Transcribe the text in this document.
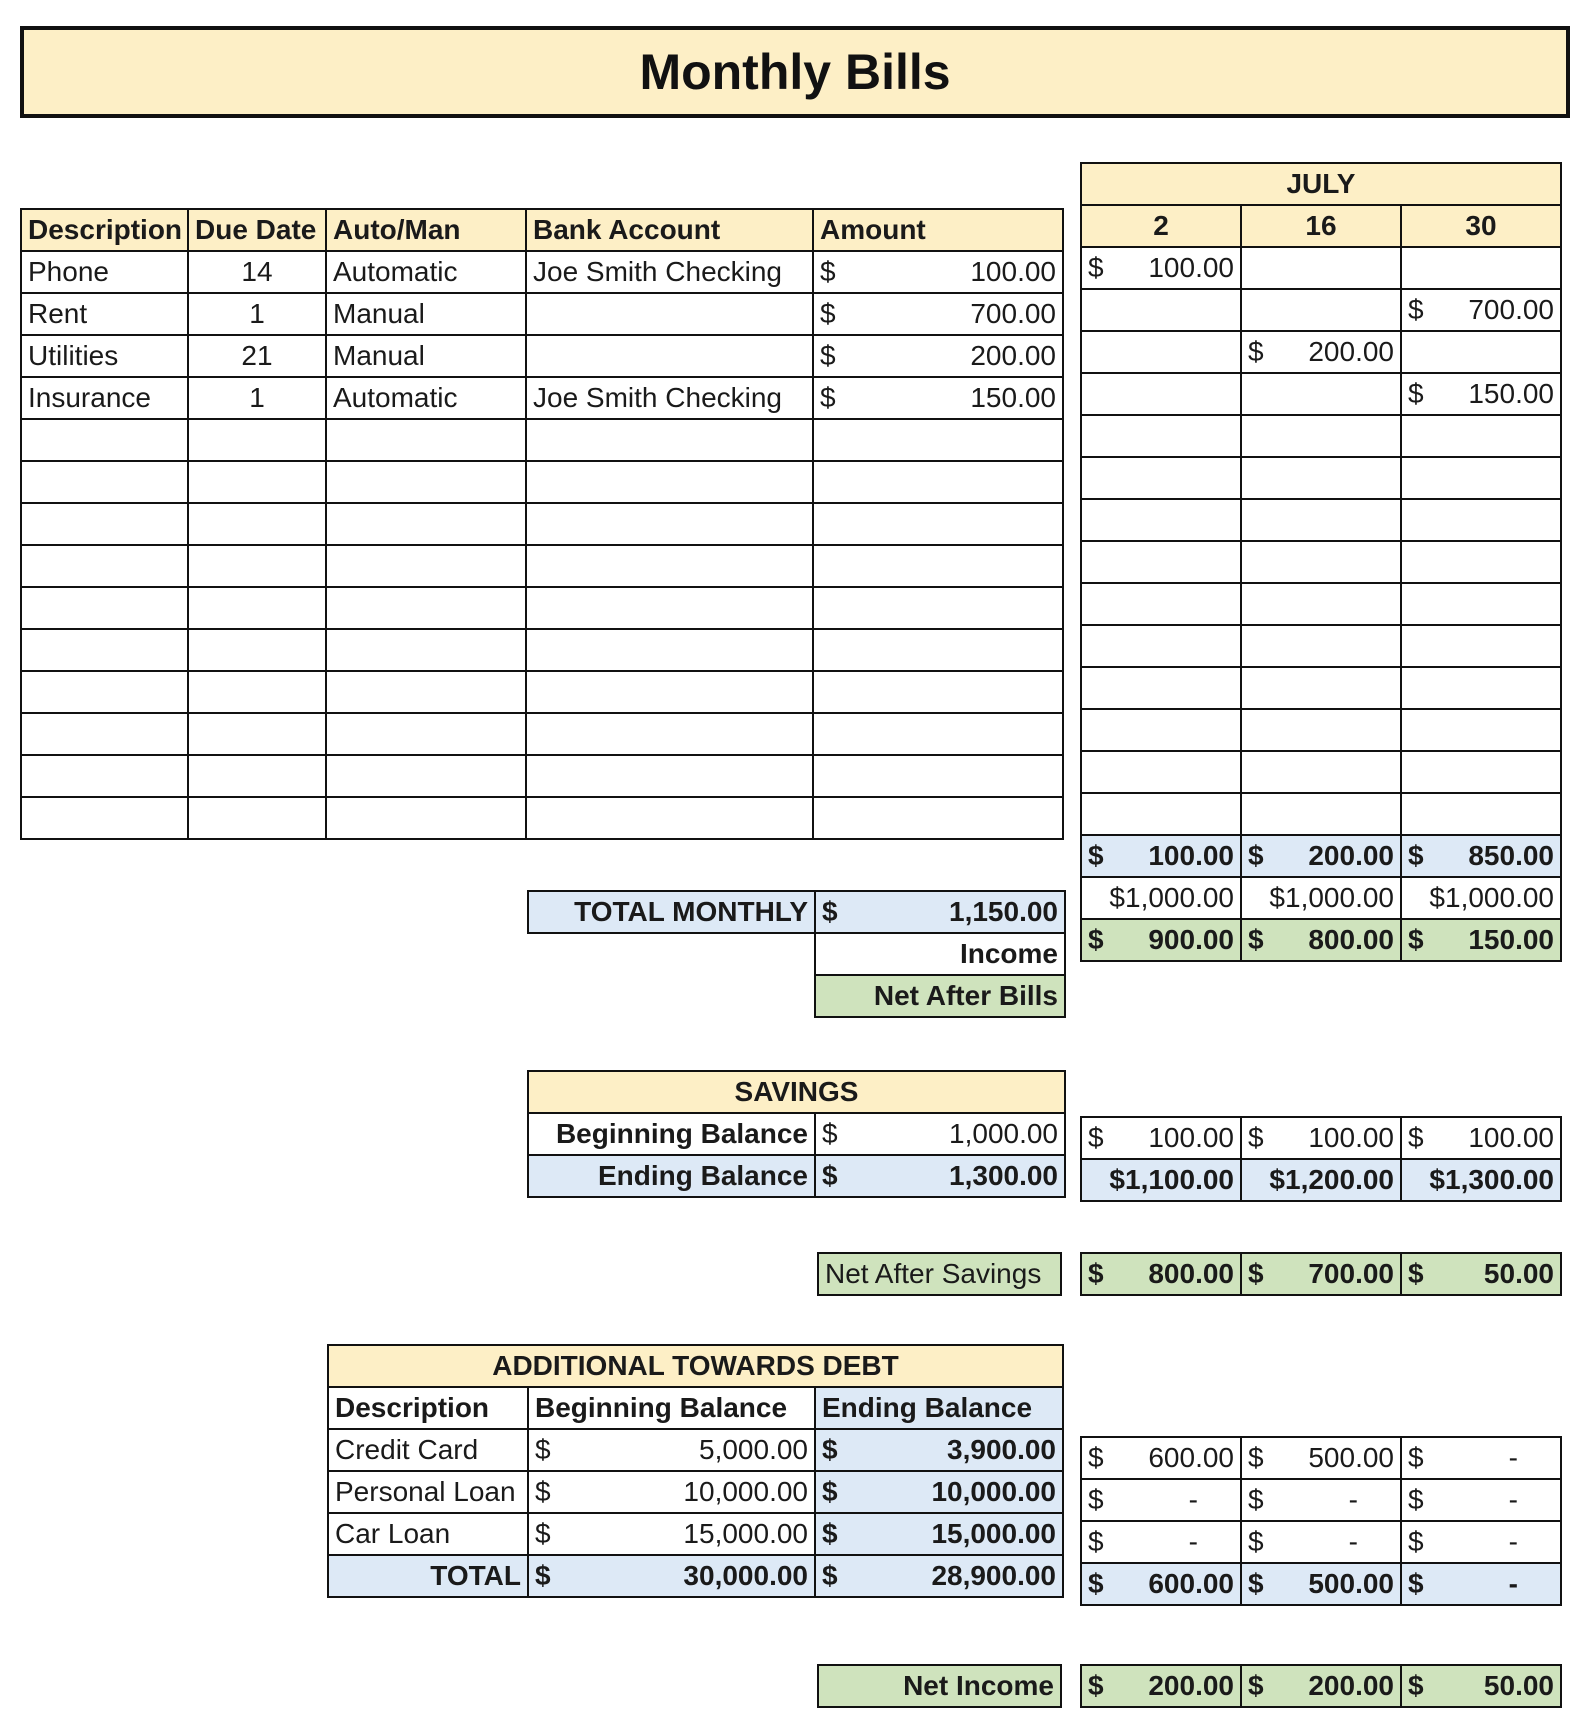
Monthly Bills
Description	Due Date	Auto/Man	Bank Account	Amount
Phone	14	Automatic	Joe Smith Checking	$ 100.00

Rent	1	Manual		$ 700.00

Utilities	21	Manual		$ 200.00

Insurance	1	Automatic	Joe Smith Checking	$ 150.00

JULY		
2	16	30

$ 100.00		

		$ 700.00

	$ 200.00	

		$ 150.00

$ 100.00	$ 200.00	$ 850.00

$1,000.00	$1,000.00	$1,000.00

$ 900.00	$ 800.00	$ 150.00
TOTAL MONTHLY	$ 1,150.00

	Income
	Net After Bills
SAVINGS	
Beginning Balance	$ 1,000.00

Ending Balance	$ 1,300.00
$ 100.00	$ 100.00	$ 100.00

$1,100.00	$1,200.00	$1,300.00
Net After Savings $ 800.00	$ 700.00	$ 50.00
ADDITIONAL TOWARDS DEBT		
Description	Beginning Balance	Ending Balance
Credit Card	$ 5,000.00	$ 3,900.00

Personal Loan	$ 10,000.00	$ 10,000.00

Car Loan	$ 15,000.00	$ 15,000.00

TOTAL	$ 30,000.00	$ 28,900.00
$ 600.00	$ 500.00	$ -

$ -	$ -	$ -

$ -	$ -	$ -

$ 600.00	$ 500.00	$ -
Net Income $ 200.00	$ 200.00	$ 50.00
